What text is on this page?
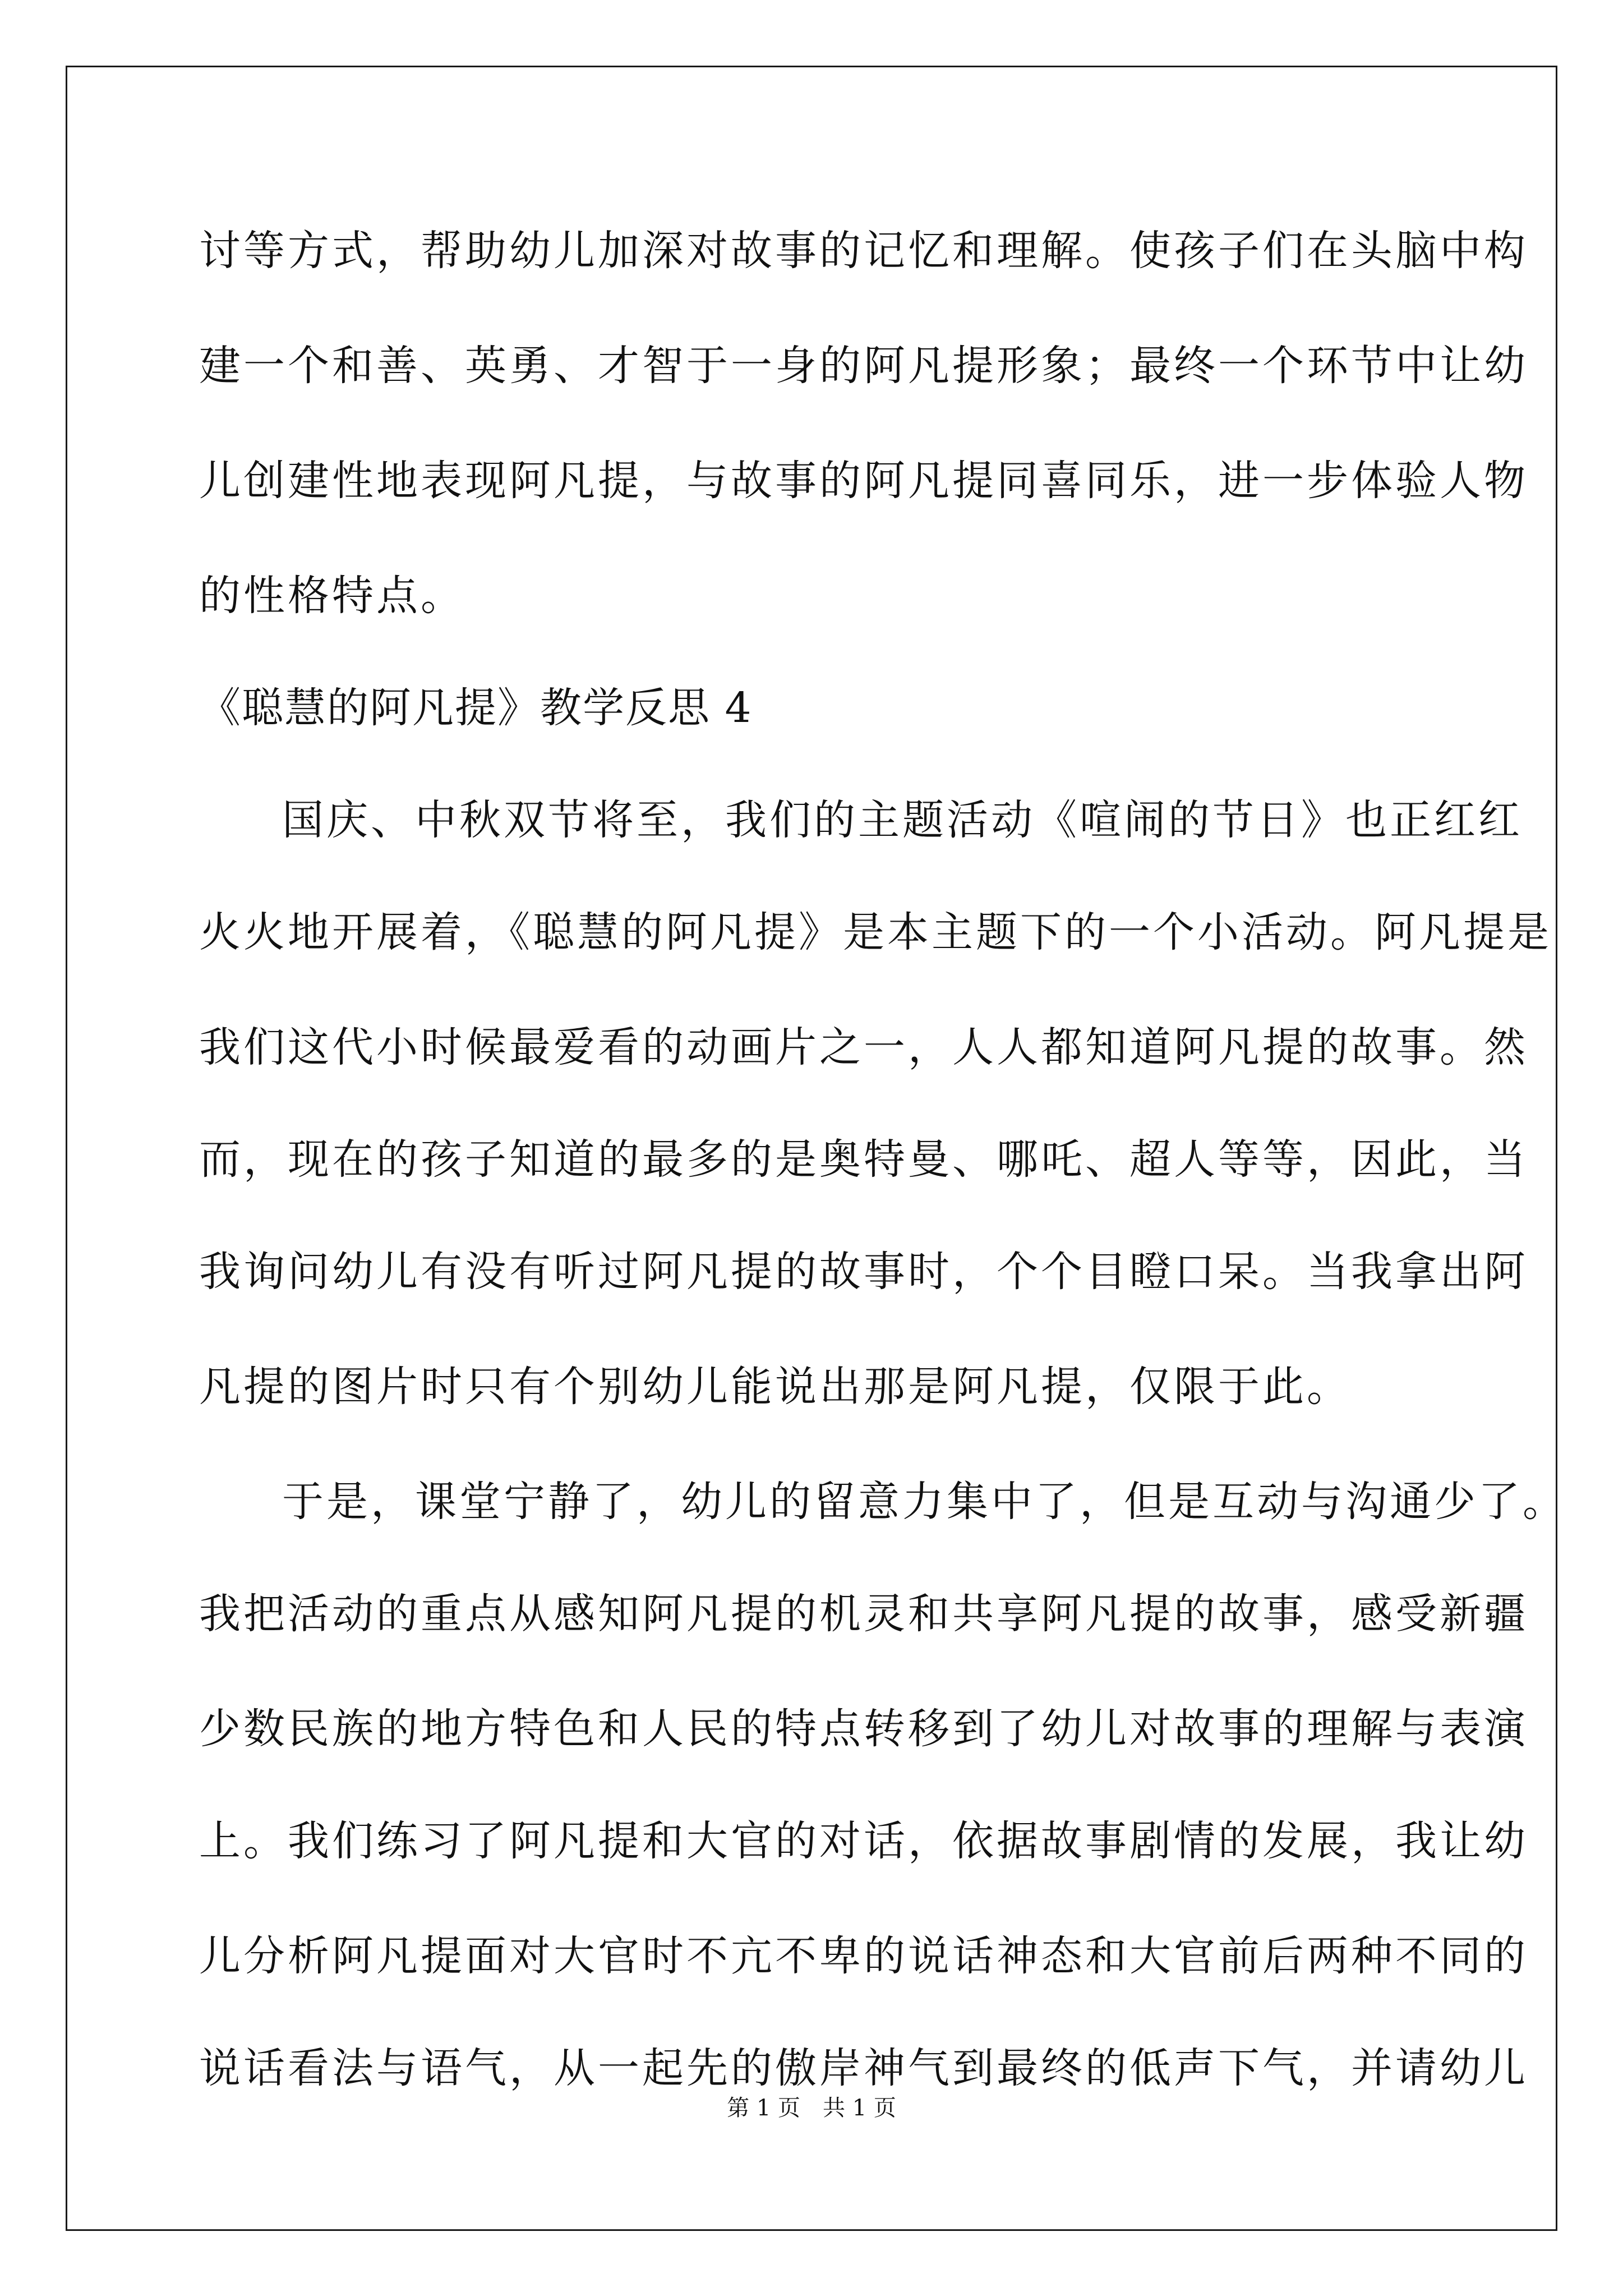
讨等方式，帮助幼儿加深对故事的记忆和理解。使孩子们在头脑中构
建一个和善、英勇、才智于一身的阿凡提形象；最终一个环节中让幼
儿创建性地表现阿凡提，与故事的阿凡提同喜同乐，进一步体验人物
的性格特点。
《聪慧的阿凡提》教学反思 4
国庆、中秋双节将至，我们的主题活动《喧闹的节日》也正红红
火火地开展着，《聪慧的阿凡提》是本主题下的一个小活动。阿凡提是
我们这代小时候最爱看的动画片之一，人人都知道阿凡提的故事。然
而，现在的孩子知道的最多的是奥特曼、哪吒、超人等等，因此，当
我询问幼儿有没有听过阿凡提的故事时，个个目瞪口呆。当我拿出阿
凡提的图片时只有个别幼儿能说出那是阿凡提，仅限于此。
于是，课堂宁静了，幼儿的留意力集中了，但是互动与沟通少了。
我把活动的重点从感知阿凡提的机灵和共享阿凡提的故事，感受新疆
少数民族的地方特色和人民的特点转移到了幼儿对故事的理解与表演
上。我们练习了阿凡提和大官的对话，依据故事剧情的发展，我让幼
儿分析阿凡提面对大官时不亢不卑的说话神态和大官前后两种不同的
说话看法与语气，从一起先的傲岸神气到最终的低声下气，并请幼儿
第 1 页　共 1 页
